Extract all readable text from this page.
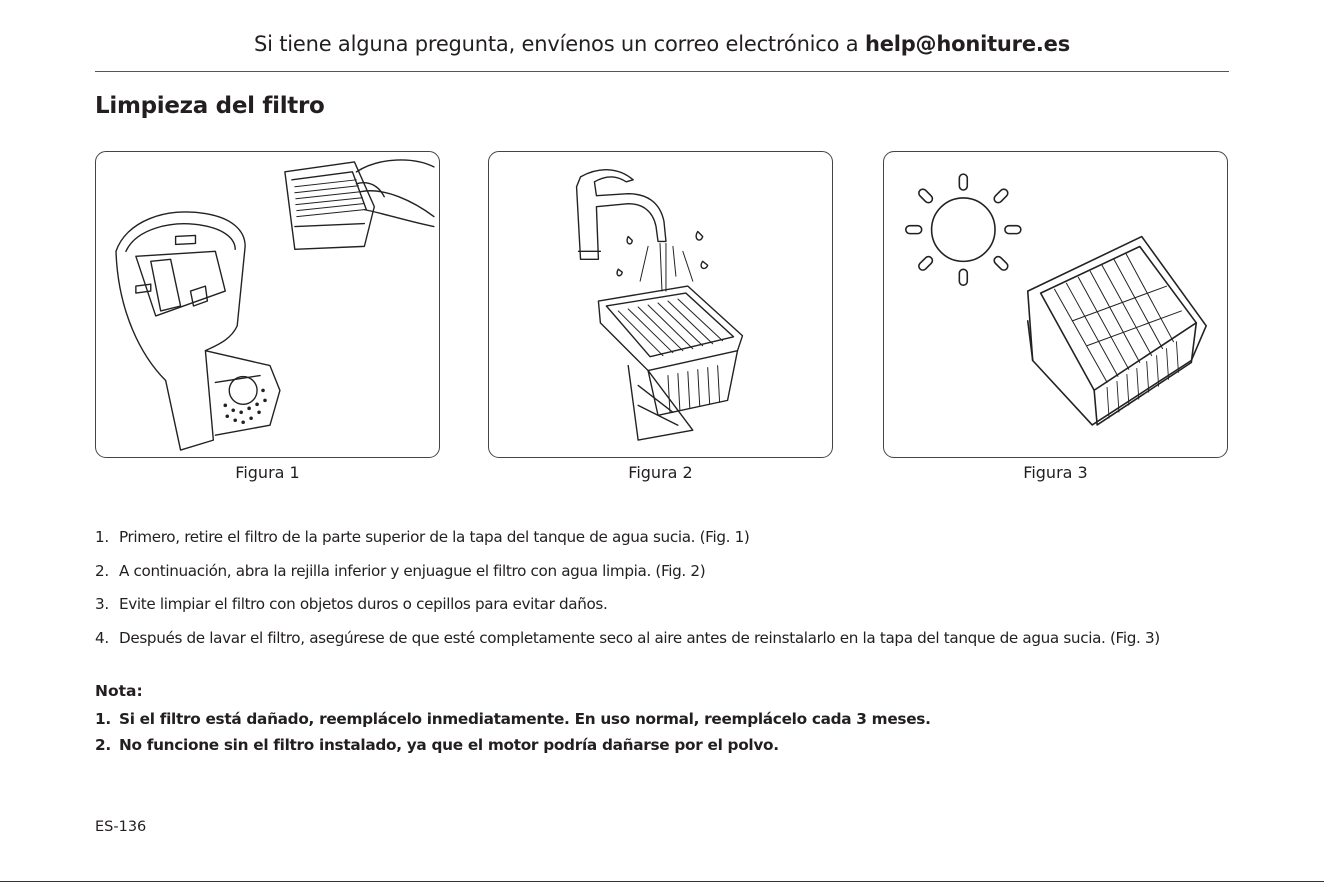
Si tiene alguna pregunta, envíenos un correo electrónico a help@honiture.es
Limpieza del filtro
Figura 1	Figura 2	Figura 3
1. Primero, retire el filtro de la parte superior de la tapa del tanque de agua sucia. (Fig. 1)
2. A continuación, abra la rejilla inferior y enjuague el filtro con agua limpia. (Fig. 2)
3. Evite limpiar el filtro con objetos duros o cepillos para evitar daños.
4. Después de lavar el filtro, asegúrese de que esté completamente seco al aire antes de reinstalarlo en la tapa del tanque de agua sucia. (Fig. 3)
Nota:
1. Si el filtro está dañado, reemplácelo inmediatamente. En uso normal, reemplácelo cada 3 meses.
2. No funcione sin el filtro instalado, ya que el motor podría dañarse por el polvo.
ES-136
